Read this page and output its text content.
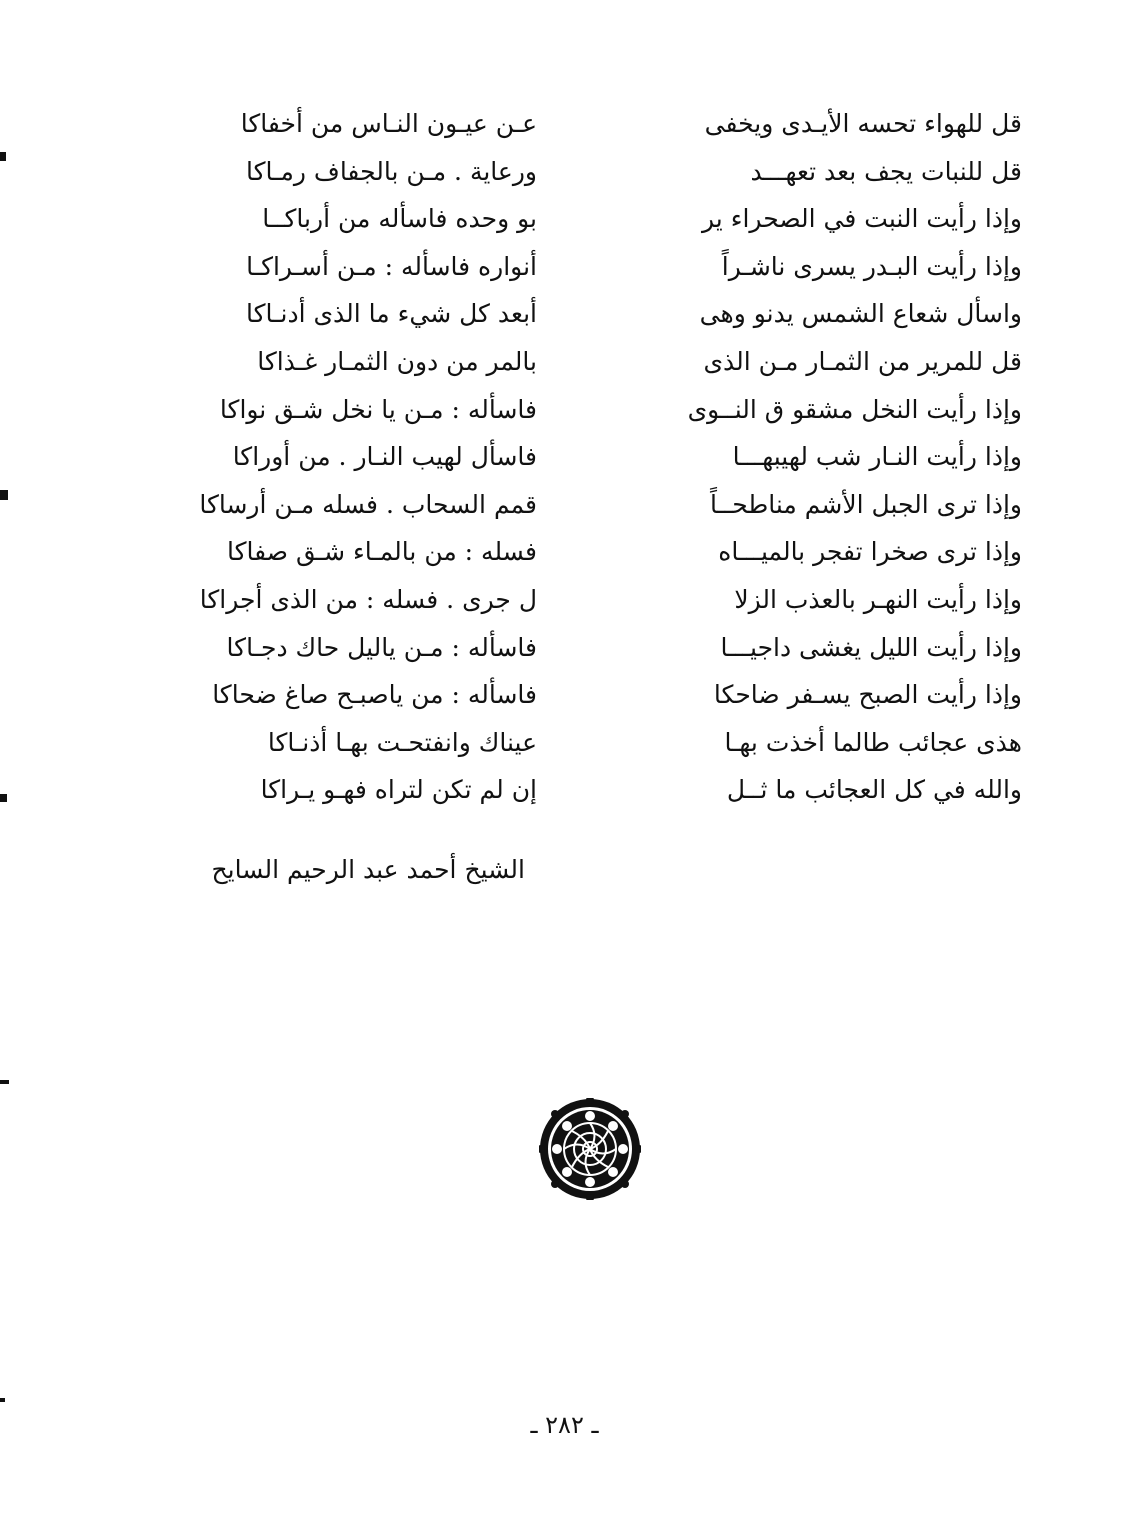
قل للهواء تحسه الأيـدى ويخفى
قل للنبات يجف بعد تعهـــد
وإذا رأيت النبت في الصحراء ير
وإذا رأيت البـدر يسرى ناشـراً
واسأل شعاع الشمس يدنو وهى
قل للمرير من الثمـار مـن الذى
وإذا رأيت النخل مشقو ق النــوى
وإذا رأيت النـار شب لهيبهـــا
وإذا ترى الجبل الأشم مناطحــاً
وإذا ترى صخرا تفجر بالميـــاه
وإذا رأيت النهـر بالعذب الزلا
وإذا رأيت الليل يغشى داجيـــا
وإذا رأيت الصبح يسـفر ضاحكا
هذى عجائب طالما أخذت بهـا
والله في كل العجائب ما ثــل
عـن عيـون النـاس من أخفاكا
ورعاية . مـن بالجفاف رمـاكا
بو وحده فاسأله من أرباكــا
أنواره فاسأله : مـن أسـراكـا
أبعد كل شيء ما الذى أدنـاكا
بالمر من دون الثمـار غـذاكا
فاسأله : مـن يا نخل شـق نواكا
فاسأل لهيب النـار . من أوراكا
قمم السحاب . فسله مـن أرساكا
فسله : من بالمـاء شـق صفاكا
ل جرى . فسله : من الذى أجراكا
فاسأله : مـن ياليل حاك دجـاكا
فاسأله : من ياصبـح صاغ ضحاكا
عيناك وانفتحـت بهـا أذنـاكا
إن لم تكن لتراه فهـو يـراكا
الشيخ أحمد عبد الرحيم السايح
ـ ٢٨٢ ـ
